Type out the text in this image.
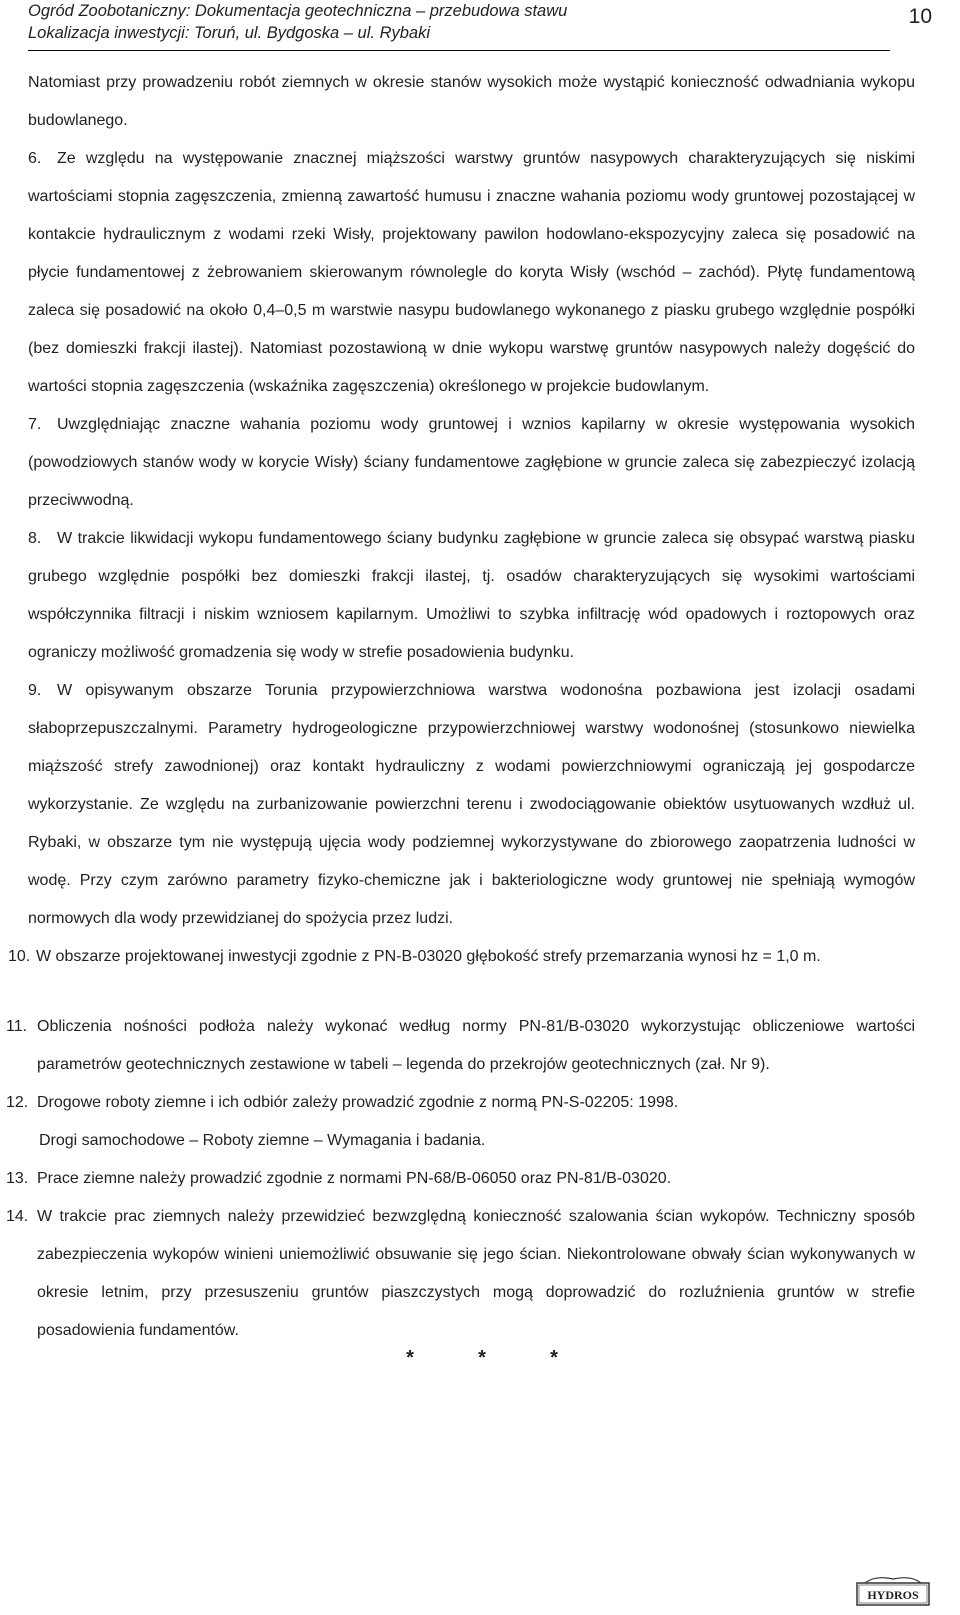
Ogród Zoobotaniczny: Dokumentacja geotechniczna – przebudowa stawu
Lokalizacja inwestycji: Toruń, ul. Bydgoska – ul. Rybaki
10

Natomiast przy prowadzeniu robót ziemnych w okresie stanów wysokich może wystąpić konieczność odwadniania wykopu budowlanego.

6. Ze względu na występowanie znacznej miąższości warstwy gruntów nasypowych charakteryzujących się niskimi wartościami stopnia zagęszczenia, zmienną zawartość humusu i znaczne wahania poziomu wody gruntowej pozostającej w kontakcie hydraulicznym z wodami rzeki Wisły, projektowany pawilon hodowlano-ekspozycyjny zaleca się posadowić na płycie fundamentowej z żebrowaniem skierowanym równolegle do koryta Wisły (wschód – zachód). Płytę fundamentową zaleca się posadowić na około 0,4–0,5 m warstwie nasypu budowlanego wykonanego z piasku grubego względnie pospółki (bez domieszki frakcji ilastej). Natomiast pozostawioną w dnie wykopu warstwę gruntów nasypowych należy dogęścić do wartości stopnia zagęszczenia (wskaźnika zagęszczenia) określonego w projekcie budowlanym.

7. Uwzględniając znaczne wahania poziomu wody gruntowej i wznios kapilarny w okresie występowania wysokich (powodziowych stanów wody w korycie Wisły) ściany fundamentowe zagłębione w gruncie zaleca się zabezpieczyć izolacją przeciwwodną.

8. W trakcie likwidacji wykopu fundamentowego ściany budynku zagłębione w gruncie zaleca się obsypać warstwą piasku grubego względnie pospółki bez domieszki frakcji ilastej, tj. osadów charakteryzujących się wysokimi wartościami współczynnika filtracji i niskim wzniosem kapilarnym. Umożliwi to szybka infiltrację wód opadowych i roztopowych oraz ograniczy możliwość gromadzenia się wody w strefie posadowienia budynku.

9. W opisywanym obszarze Torunia przypowierzchniowa warstwa wodonośna pozbawiona jest izolacji osadami słaboprzepuszczalnymi. Parametry hydrogeologiczne przypowierzchniowej warstwy wodonośnej (stosunkowo niewielka miąższość strefy zawodnionej) oraz kontakt hydrauliczny z wodami powierzchniowymi ograniczają jej gospodarcze wykorzystanie. Ze względu na zurbanizowanie powierzchni terenu i zwodociągowanie obiektów usytuowanych wzdłuż ul. Rybaki, w obszarze tym nie występują ujęcia wody podziemnej wykorzystywane do zbiorowego zaopatrzenia ludności w wodę. Przy czym zarówno parametry fizyko-chemiczne jak i bakteriologiczne wody gruntowej nie spełniają wymogów normowych dla wody przewidzianej do spożycia przez ludzi.

10. W obszarze projektowanej inwestycji zgodnie z PN-B-03020 głębokość strefy przemarzania wynosi hz = 1,0 m.

11. Obliczenia nośności podłoża należy wykonać według normy PN-81/B-03020 wykorzystując obliczeniowe wartości parametrów geotechnicznych zestawione w tabeli – legenda do przekrojów geotechnicznych (zał. Nr 9).
12. Drogowe roboty ziemne i ich odbiór zależy prowadzić zgodnie z normą PN-S-02205: 1998.
Drogi samochodowe – Roboty ziemne – Wymagania i badania.
13. Prace ziemne należy prowadzić zgodnie z normami PN-68/B-06050 oraz PN-81/B-03020.
14. W trakcie prac ziemnych należy przewidzieć bezwzględną konieczność szalowania ścian wykopów. Techniczny sposób zabezpieczenia wykopów winieni uniemożliwić obsuwanie się jego ścian. Niekontrolowane obwały ścian wykonywanych w okresie letnim, przy przesuszeniu gruntów piaszczystych mogą doprowadzić do rozluźnienia gruntów w strefie posadowienia fundamentów.
*	*	*
HYDROS
